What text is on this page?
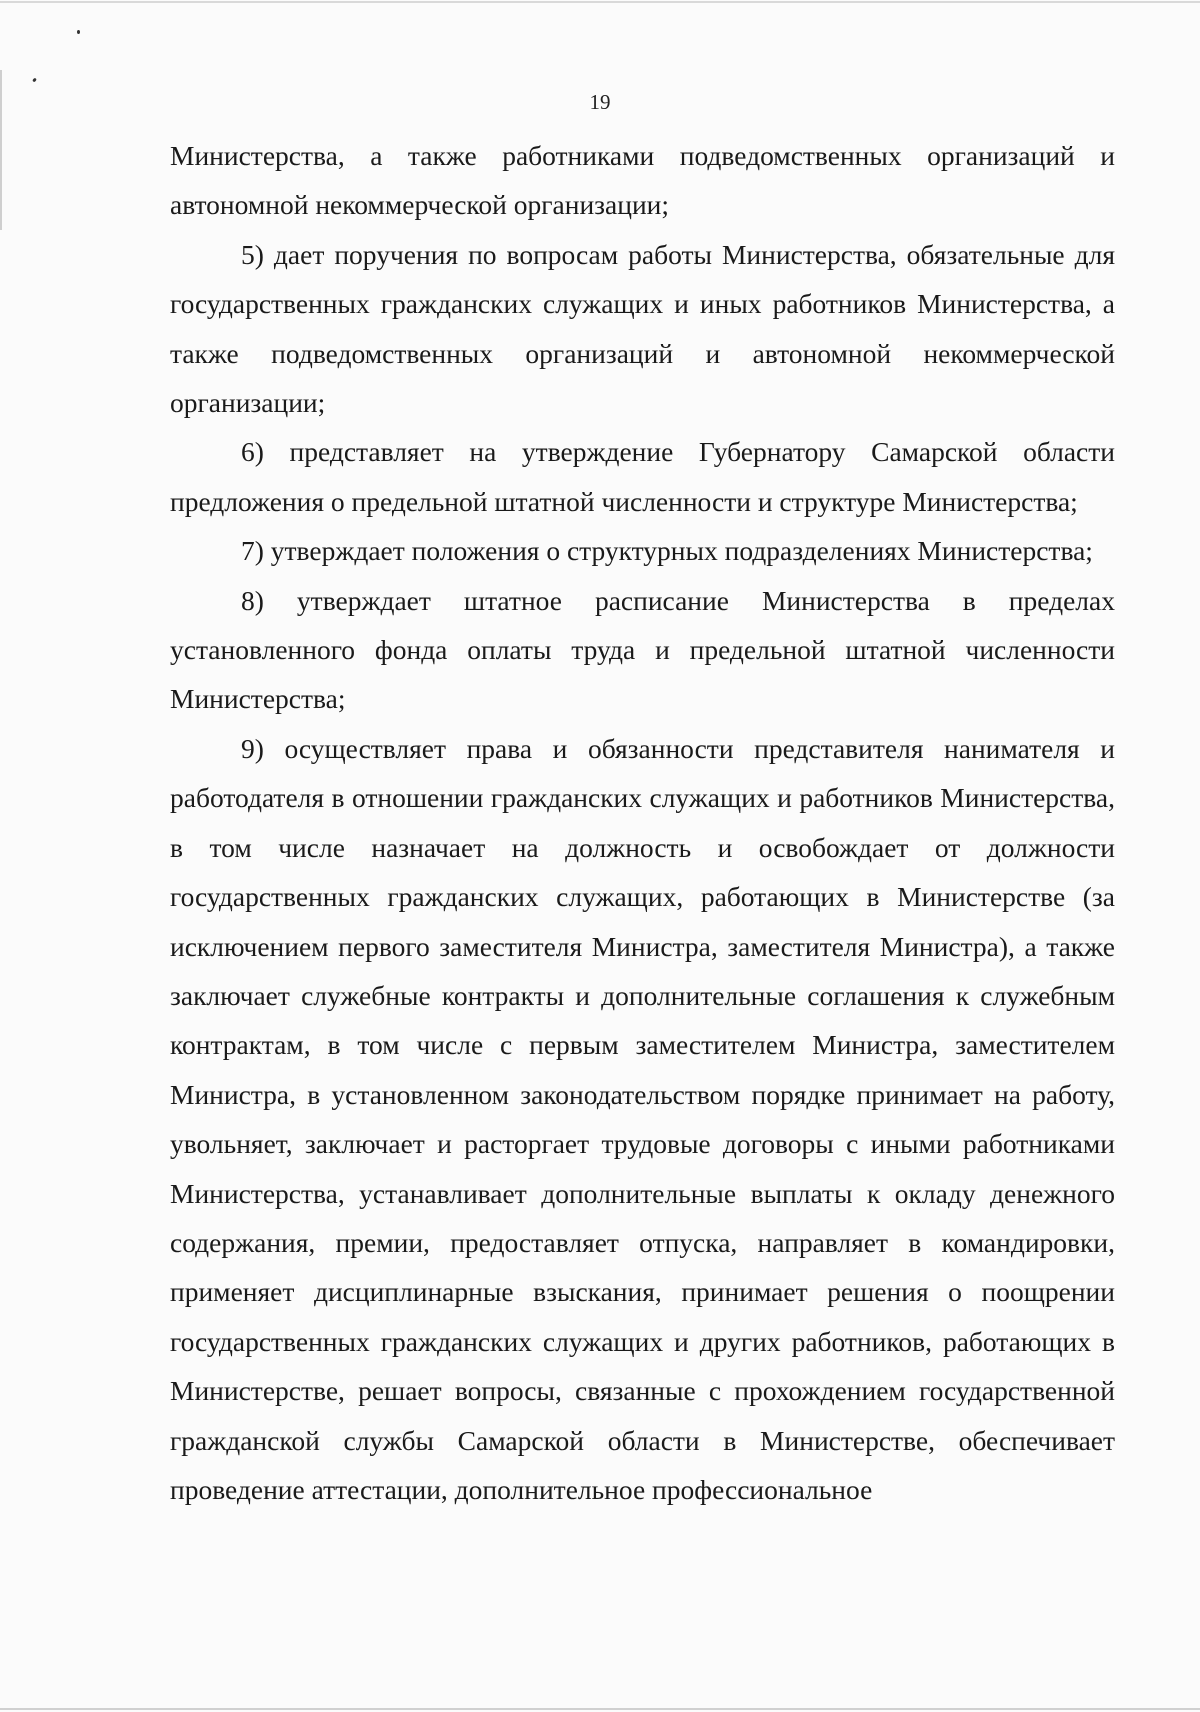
19

Министерства, а также работниками подведомственных организаций и автономной некоммерческой организации;

5) дает поручения по вопросам работы Министерства, обязательные для государственных гражданских служащих и иных работников Министерства, а также подведомственных организаций и автономной некоммерческой организации;

6) представляет на утверждение Губернатору Самарской области предложения о предельной штатной численности и структуре Министерства;

7) утверждает положения о структурных подразделениях Министерства;

8) утверждает штатное расписание Министерства в пределах установленного фонда оплаты труда и предельной штатной численности Министерства;

9) осуществляет права и обязанности представителя нанимателя и работодателя в отношении гражданских служащих и работников Министерства, в том числе назначает на должность и освобождает от должности государственных гражданских служащих, работающих в Министерстве (за исключением первого заместителя Министра, заместителя Министра), а также заключает служебные контракты и дополнительные соглашения к служебным контрактам, в том числе с первым заместителем Министра, заместителем Министра, в установленном законодательством порядке принимает на работу, увольняет, заключает и расторгает трудовые договоры с иными работниками Министерства, устанавливает дополнительные выплаты к окладу денежного содержания, премии, предоставляет отпуска, направляет в командировки, применяет дисциплинарные взыскания, принимает решения о поощрении государственных гражданских служащих и других работников, работающих в Министерстве, решает вопросы, связанные с прохождением государственной гражданской службы Самарской области в Министерстве, обеспечивает проведение аттестации, дополнительное профессиональное
